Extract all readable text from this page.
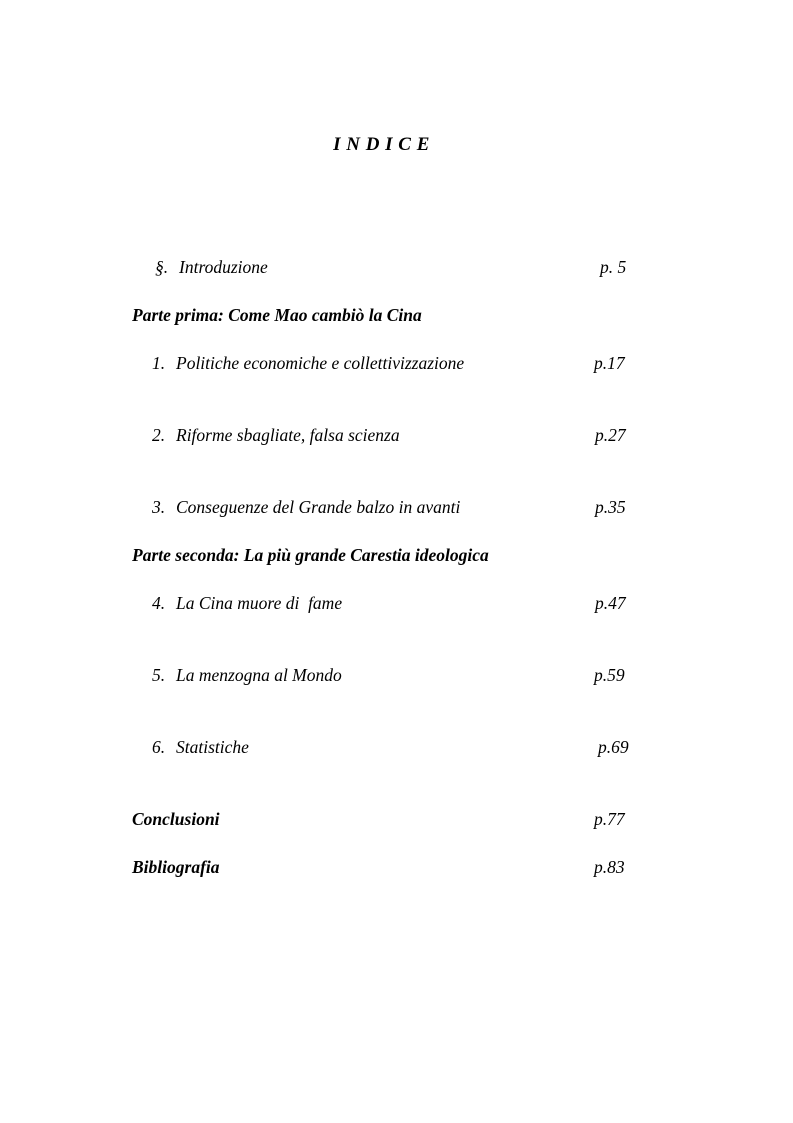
I N D I C E
§. Introduzione	p. 5
Parte prima: Come Mao cambiò la Cina
1. Politiche economiche e collettivizzazione	p.17
2. Riforme sbagliate, falsa scienza	p.27
3. Conseguenze del Grande balzo in avanti	p.35
Parte seconda: La più grande Carestia ideologica
4. La Cina muore di  fame	p.47
5. La menzogna al Mondo	p.59
6. Statistiche	p.69
Conclusioni	p.77
Bibliografia	p.83
